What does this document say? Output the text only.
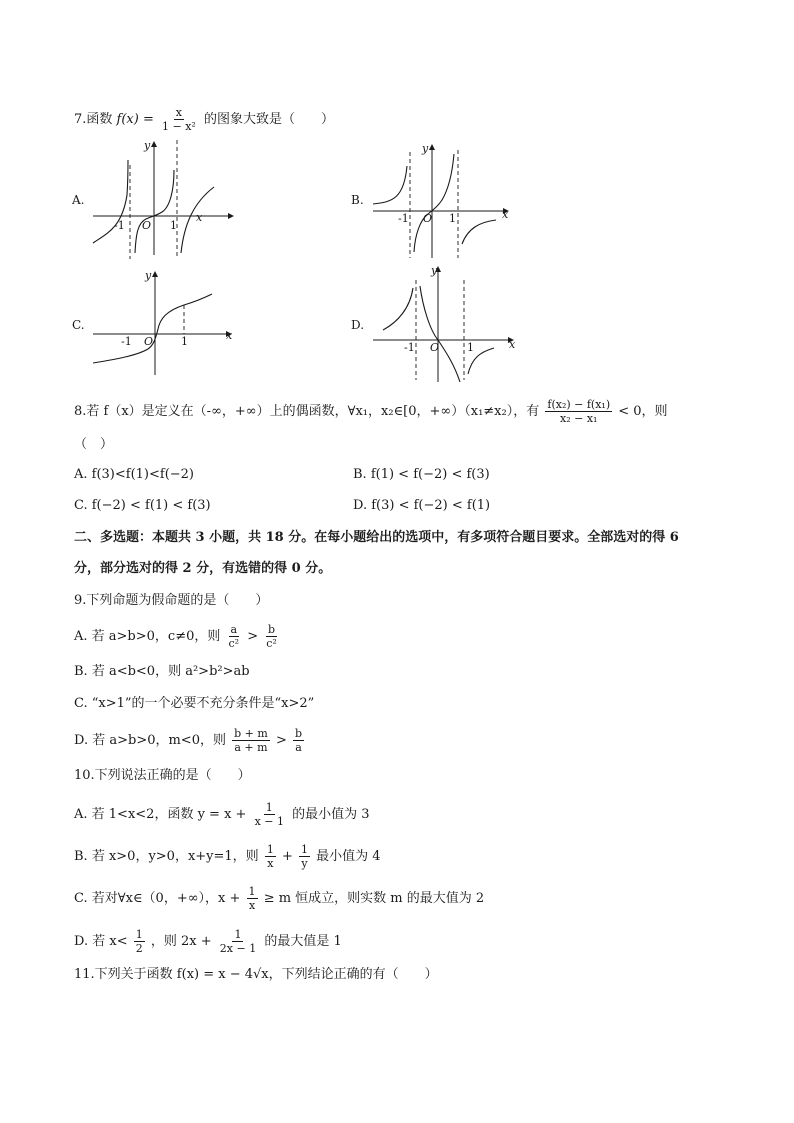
7.函数 $f(x) = \frac{x}{\text{1 − x²}}$ 的图象大致是（　　）
A.
x
y
-1 O 1
B.
x
y
-1 O 1
C.
x
y
-1 O	1
D.
x
y
-1 O	1
8.若 f（x）是定义在（-∞，+∞）上的偶函数，∀x₁，x₂∈[0，+∞）（x₁≠x₂），有 $\frac{\text{f(x₂) − f(x₁)}}{\text{x₂ − x₁}} < 0$，则
（　）
A. f(3)<f(1)<f(−2)	B. f(1) < f(−2) < f(3)
C. f(−2) < f(1) < f(3)	D. f(3) < f(−2) < f(1)
二、多选题：本题共 3 小题，共 18 分。在每小题给出的选项中，有多项符合题目要求。全部选对的得 6
分，部分选对的得 2 分，有选错的得 0 分。
9.下列命题为假命题的是（　　）
A. 若 a>b>0，c≠0，则 $\frac{a}{\text{c²}} > \frac{b}{\text{c²}}$
B. 若 a<b<0，则 a²>b²>ab
C. “x>1”的一个必要不充分条件是“x>2”
D. 若 a>b>0，m<0，则 $\frac{b + m}{a + m} > \frac{b}{a}$
10.下列说法正确的是（　　）
A. 若 1<x<2，函数 $y = x + \frac{1}{x - 1}$ 的最小值为 3
B. 若 x>0，y>0，x+y=1，则 $\frac{1}{x} + \frac{1}{y}$ 最小值为 4
C. 若对∀x∈（0，+∞），$x + \frac{1}{x} \ge m$ 恒成立，则实数 m 的最大值为 2
D. 若 $x< \frac{1}{2}$ ，则 $2x + \frac{1}{2x - 1}$ 的最大值是 1
11.下列关于函数 f(x) = x − 4√x，下列结论正确的有（　　）
